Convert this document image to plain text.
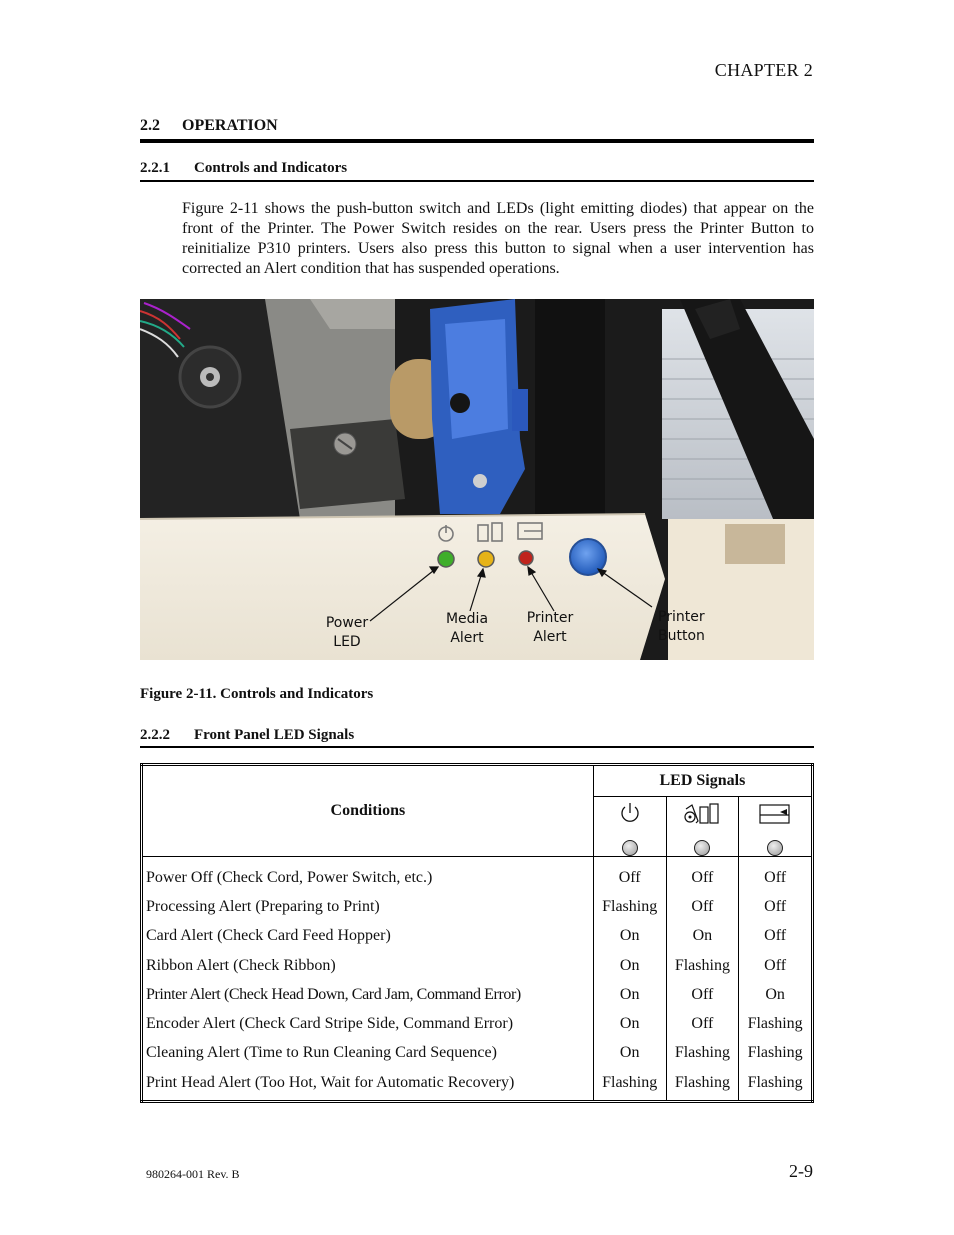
CHAPTER 2
2.2 OPERATION
2.2.1 Controls and Indicators
Figure 2-11 shows the push-button switch and LEDs (light emitting diodes) that appear on the front of the Printer. The Power Switch resides on the rear. Users press the Printer Button to reinitialize P310 printers. Users also press this button to signal when a user intervention has corrected an Alert condition that has suspended operations.
Power
LED
Media
Alert
Printer
Alert
Printer
Button
Figure 2-11. Controls and Indicators
2.2.2 Front Panel LED Signals
Conditions	LED Signals		

Power Off (Check Cord, Power Switch, etc.)	Off	Off	Off
Processing Alert (Preparing to Print)	Flashing	Off	Off
Card Alert (Check Card Feed Hopper)	On	On	Off
Ribbon Alert (Check Ribbon)	On	Flashing	Off
Printer Alert (Check Head Down, Card Jam, Command Error)	On	Off	On
Encoder Alert (Check Card Stripe Side, Command Error)	On	Off	Flashing
Cleaning Alert (Time to Run Cleaning Card Sequence)	On	Flashing	Flashing
Print Head Alert (Too Hot, Wait for Automatic Recovery)	Flashing	Flashing	Flashing
980264-001 Rev. B	2-9
